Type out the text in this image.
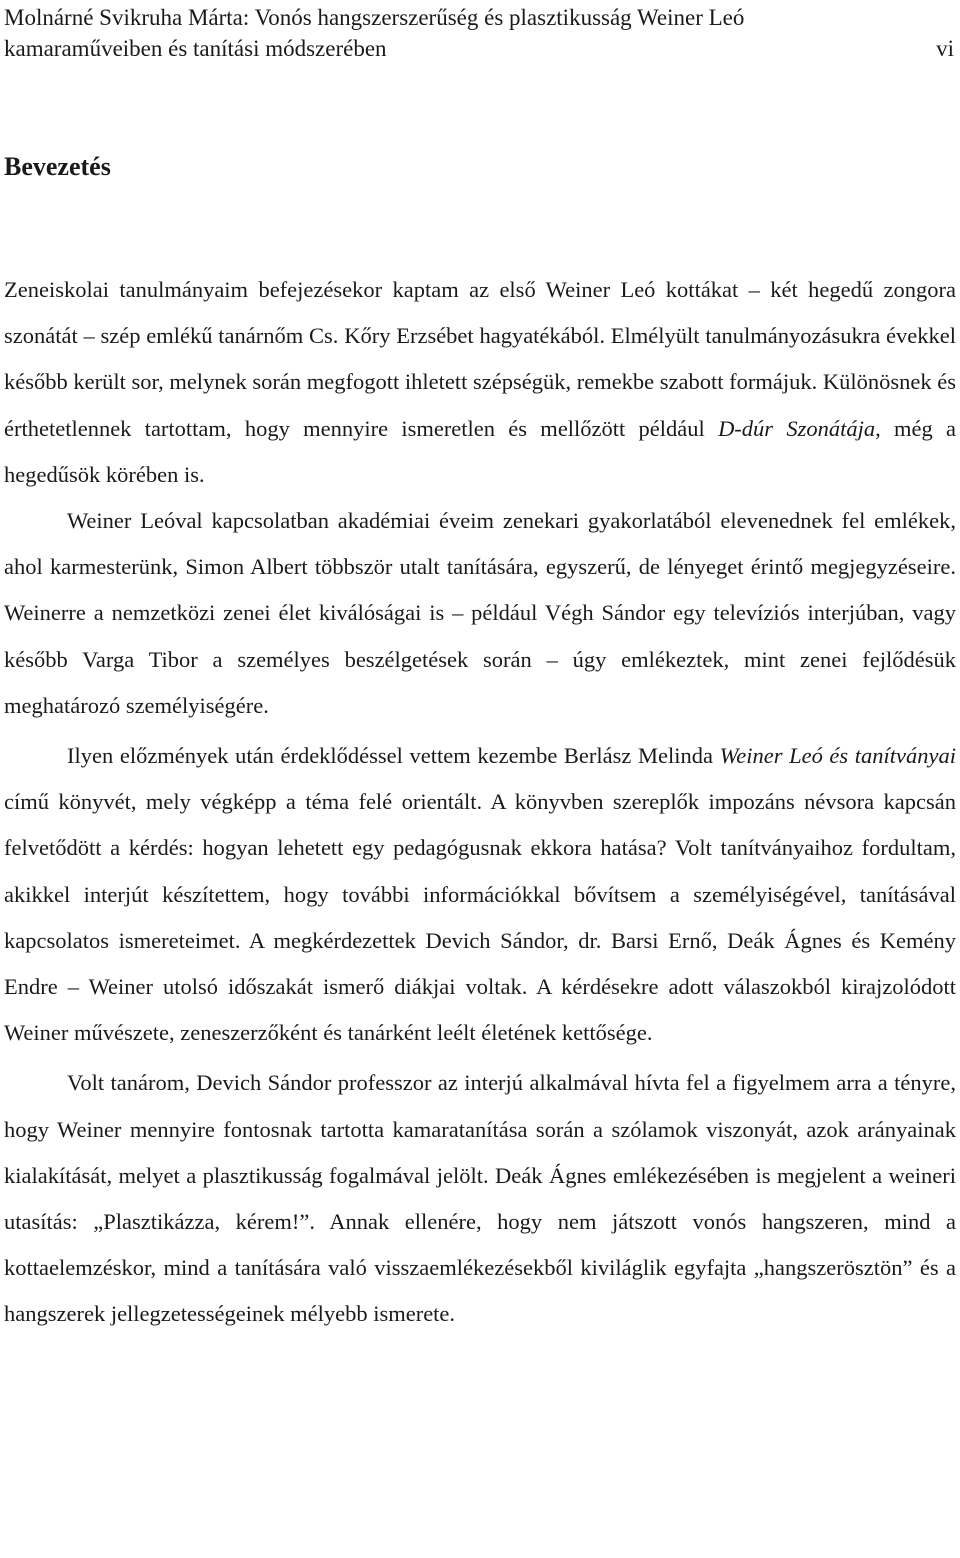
Molnárné Svikruha Márta: Vonós hangszerszerűség és plasztikusság Weiner Leó
kamaraműveiben és tanítási módszerében	vi
Bevezetés

Zeneiskolai tanulmányaim befejezésekor kaptam az első Weiner Leó kottákat – két hegedű zongora szonátát – szép emlékű tanárnőm Cs. Kőry Erzsébet hagyatékából. Elmélyült tanulmányozásukra évekkel később került sor, melynek során megfogott ihletett szépségük, remekbe szabott formájuk. Különösnek és érthetetlennek tartottam, hogy mennyire ismeretlen és mellőzött például D-dúr Szonátája, még a hegedűsök körében is.

Weiner Leóval kapcsolatban akadémiai éveim zenekari gyakorlatából elevenednek fel emlékek, ahol karmesterünk, Simon Albert többször utalt tanítására, egyszerű, de lényeget érintő megjegyzéseire. Weinerre a nemzetközi zenei élet kiválóságai is – például Végh Sándor egy televíziós interjúban, vagy később Varga Tibor a személyes beszélgetések során – úgy emlékeztek, mint zenei fejlődésük meghatározó személyiségére.

Ilyen előzmények után érdeklődéssel vettem kezembe Berlász Melinda Weiner Leó és tanítványai című könyvét, mely végképp a téma felé orientált. A könyvben szereplők impozáns névsora kapcsán felvetődött a kérdés: hogyan lehetett egy pedagógusnak ekkora hatása? Volt tanítványaihoz fordultam, akikkel interjút készítettem, hogy további információkkal bővítsem a személyiségével, tanításával kapcsolatos ismereteimet. A megkérdezettek Devich Sándor, dr. Barsi Ernő, Deák Ágnes és Kemény Endre – Weiner utolsó időszakát ismerő diákjai voltak. A kérdésekre adott válaszokból kirajzolódott Weiner művészete, zeneszerzőként és tanárként leélt életének kettősége.

Volt tanárom, Devich Sándor professzor az interjú alkalmával hívta fel a figyelmem arra a tényre, hogy Weiner mennyire fontosnak tartotta kamaratanítása során a szólamok viszonyát, azok arányainak kialakítását, melyet a plasztikusság fogalmával jelölt. Deák Ágnes emlékezésében is megjelent a weineri utasítás: „Plasztikázza, kérem!”. Annak ellenére, hogy nem játszott vonós hangszeren, mind a kottaelemzéskor, mind a tanítására való visszaemlékezésekből kiviláglik egyfajta „hangszerösztön” és a hangszerek jellegzetességeinek mélyebb ismerete.
